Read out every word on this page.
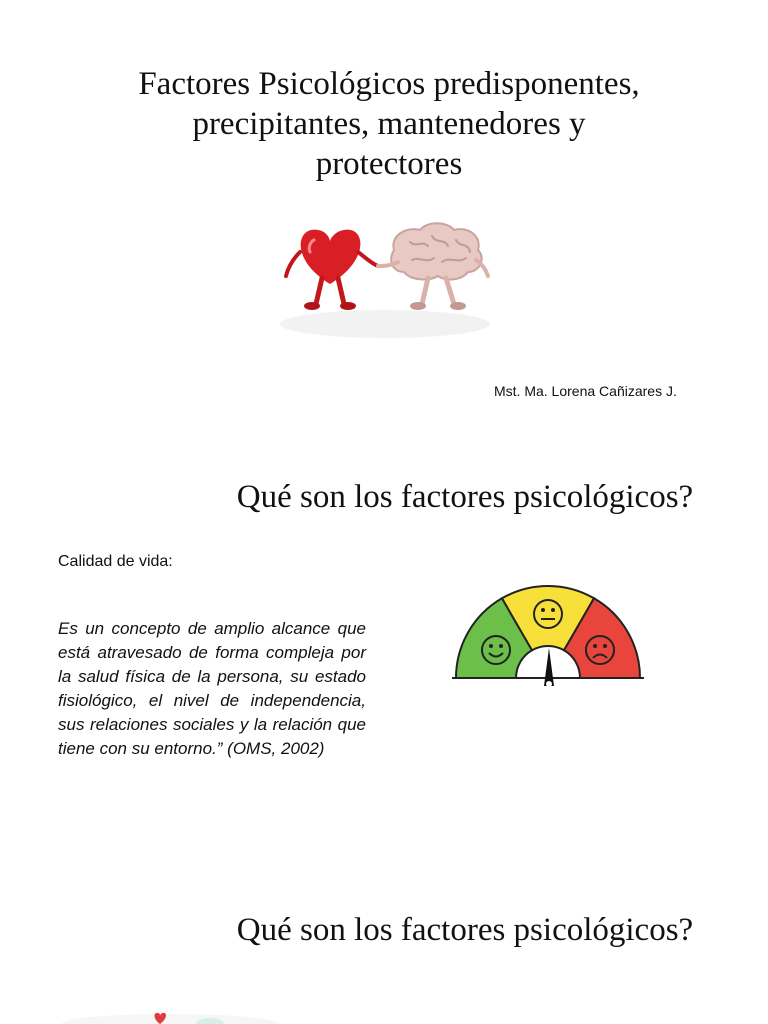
Factores Psicológicos predisponentes,
precipitantes, mantenedores y
protectores
Mst. Ma. Lorena Cañizares J.
Qué son los factores psicológicos?
Calidad de vida:
Es un concepto de amplio alcance que está atravesado de forma compleja por la salud física de la persona, su estado fisiológico, el nivel de independencia, sus relaciones sociales y la relación que tiene con su entorno.” (OMS, 2002)
Qué son los factores psicológicos?
